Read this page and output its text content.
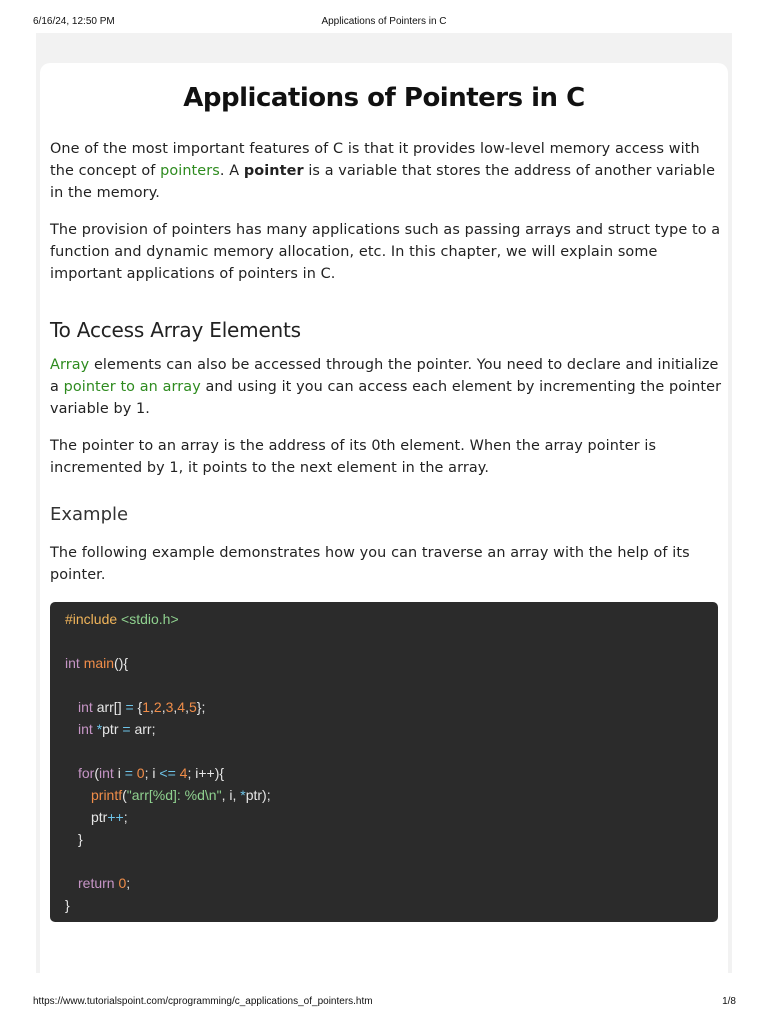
6/16/24, 12:50 PM	Applications of Pointers in C
Applications of Pointers in C

One of the most important features of C is that it provides low-level memory access with the concept of pointers. A pointer is a variable that stores the address of another variable in the memory.

The provision of pointers has many applications such as passing arrays and struct type to a function and dynamic memory allocation, etc. In this chapter, we will explain some important applications of pointers in C.

To Access Array Elements

Array elements can also be accessed through the pointer. You need to declare and initialize a pointer to an array and using it you can access each element by incrementing the pointer variable by 1.

The pointer to an array is the address of its 0th element. When the array pointer is incremented by 1, it points to the next element in the array.

Example

The following example demonstrates how you can traverse an array with the help of its pointer.

#include <stdio.h>
int main(){
int arr[] = {1,2,3,4,5};
int *ptr = arr;
for(int i = 0; i <= 4; i++){
printf("arr[%d]: %d\n", i, *ptr);
ptr++;
}
return 0;
}
https://www.tutorialspoint.com/cprogramming/c_applications_of_pointers.htm	1/8
